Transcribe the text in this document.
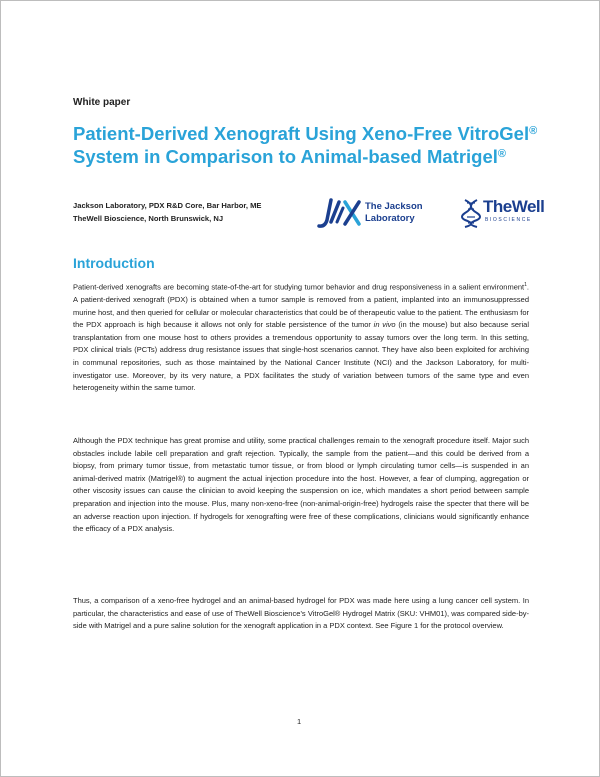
White paper
Patient-Derived Xenograft Using Xeno-Free VitroGel®
System in Comparison to Animal-based Matrigel®
Jackson Laboratory, PDX R&D Core, Bar Harbor, ME
TheWell Bioscience, North Brunswick, NJ
The Jackson
Laboratory
TheWell
BIOSCIENCE
Introduction
Patient-derived xenografts are becoming state-of-the-art for studying tumor behavior and drug responsiveness in a salient environment$^1$. A patient-derived xenograft (PDX) is obtained when a tumor sample is removed from a patient, implanted into an immunosuppressed murine host, and then queried for cellular or molecular characteristics that could be of therapeutic value to the patient. The enthusiasm for the PDX approach is high because it allows not only for stable persistence of the tumor in vivo (in the mouse) but also because serial transplantation from one mouse host to others provides a tremendous opportunity to assay tumors over the long term. In this setting, PDX clinical trials (PCTs) address drug resistance issues that single-host scenarios cannot. They have also been exploited for archiving in communal repositories, such as those maintained by the National Cancer Institute (NCI) and the Jackson Laboratory, for multi-investigator use. Moreover, by its very nature, a PDX facilitates the study of variation between tumors of the same type and even heterogeneity within the same tumor.
Although the PDX technique has great promise and utility, some practical challenges remain to the xenograft procedure itself. Major such obstacles include labile cell preparation and graft rejection. Typically, the sample from the patient—and this could be derived from a biopsy, from primary tumor tissue, from metastatic tumor tissue, or from blood or lymph circulating tumor cells—is suspended in an animal-derived matrix (Matrigel®) to augment the actual injection procedure into the host. However, a fear of clumping, aggregation or other viscosity issues can cause the clinician to avoid keeping the suspension on ice, which mandates a short period between sample preparation and injection into the mouse. Plus, many non-xeno-free (non-animal-origin-free) hydrogels raise the specter that there will be an adverse reaction upon injection. If hydrogels for xenografting were free of these complications, clinicians would significantly enhance the efficacy of a PDX analysis.
Thus, a comparison of a xeno-free hydrogel and an animal-based hydrogel for PDX was made here using a lung cancer cell system. In particular, the characteristics and ease of use of TheWell Bioscience’s VitroGel® Hydrogel Matrix (SKU: VHM01), was compared side-by-side with Matrigel and a pure saline solution for the xenograft application in a PDX context. See Figure 1 for the protocol overview.
1
